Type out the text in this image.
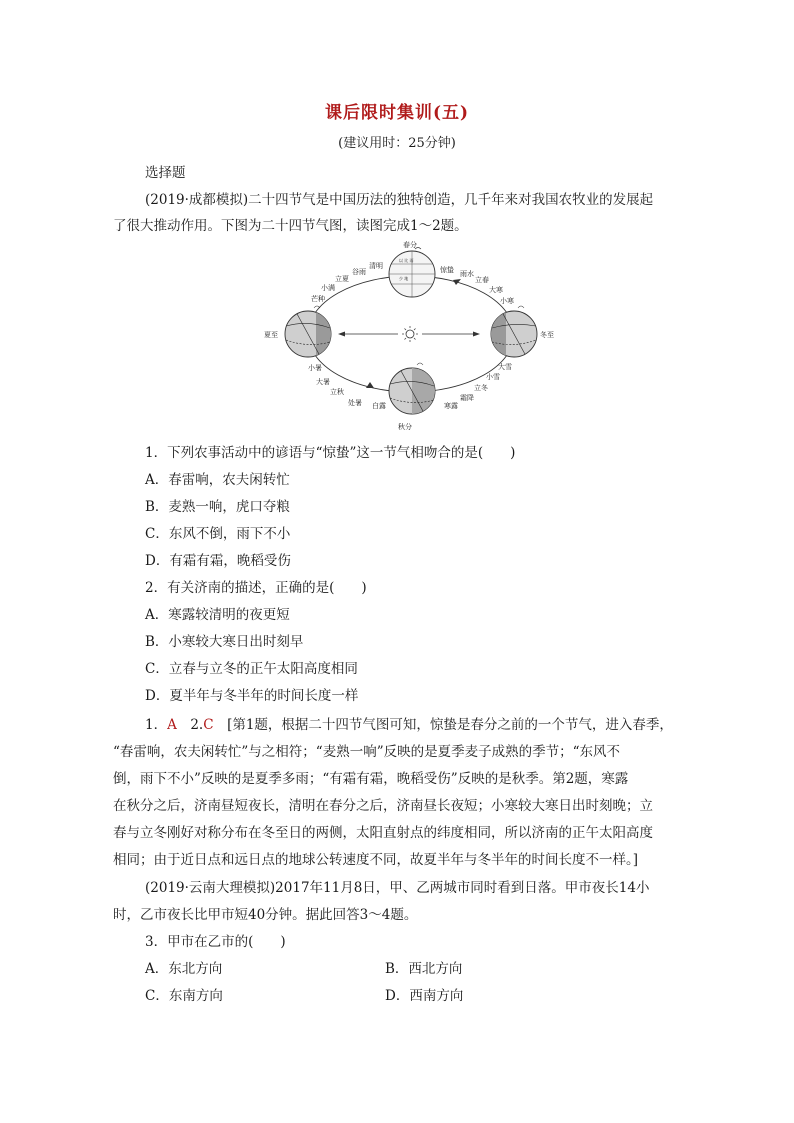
课后限时集训(五)
(建议用时：25分钟)
选择题
(2019·成都模拟)二十四节气是中国历法的独特创造，几千年来对我国农牧业的发展起
了很大推动作用。下图为二十四节气图，读图完成1～2题。
以 比 雨
少 地
春分
秋分
夏至	冬至
谷雨
清明
立夏
小满
芒种
惊蛰 雨水
立春
大寒
小寒
小暑
大暑
立秋
处暑 白露	寒露
霜降
立冬
小雪
大雪
1．下列农事活动中的谚语与“惊蛰”这一节气相吻合的是(　　)
A．春雷响，农夫闲转忙
B．麦熟一响，虎口夺粮
C．东风不倒，雨下不小
D．有霜有霜，晚稻受伤
2．有关济南的描述，正确的是(　　)
A．寒露较清明的夜更短
B．小寒较大寒日出时刻早
C．立春与立冬的正午太阳高度相同
D．夏半年与冬半年的时间长度一样
1．A　2.C　[第1题，根据二十四节气图可知，惊蛰是春分之前的一个节气，进入春季，
“春雷响，农夫闲转忙”与之相符；“麦熟一响”反映的是夏季麦子成熟的季节；“东风不
倒，雨下不小”反映的是夏季多雨；“有霜有霜，晚稻受伤”反映的是秋季。第2题，寒露
在秋分之后，济南昼短夜长，清明在春分之后，济南昼长夜短；小寒较大寒日出时刻晚；立
春与立冬刚好对称分布在冬至日的两侧，太阳直射点的纬度相同，所以济南的正午太阳高度
相同；由于近日点和远日点的地球公转速度不同，故夏半年与冬半年的时间长度不一样。]
(2019·云南大理模拟)2017年11月8日，甲、乙两城市同时看到日落。甲市夜长14小
时，乙市夜长比甲市短40分钟。据此回答3～4题。
3．甲市在乙市的(　　)
A．东北方向	B．西北方向
C．东南方向	D．西南方向
